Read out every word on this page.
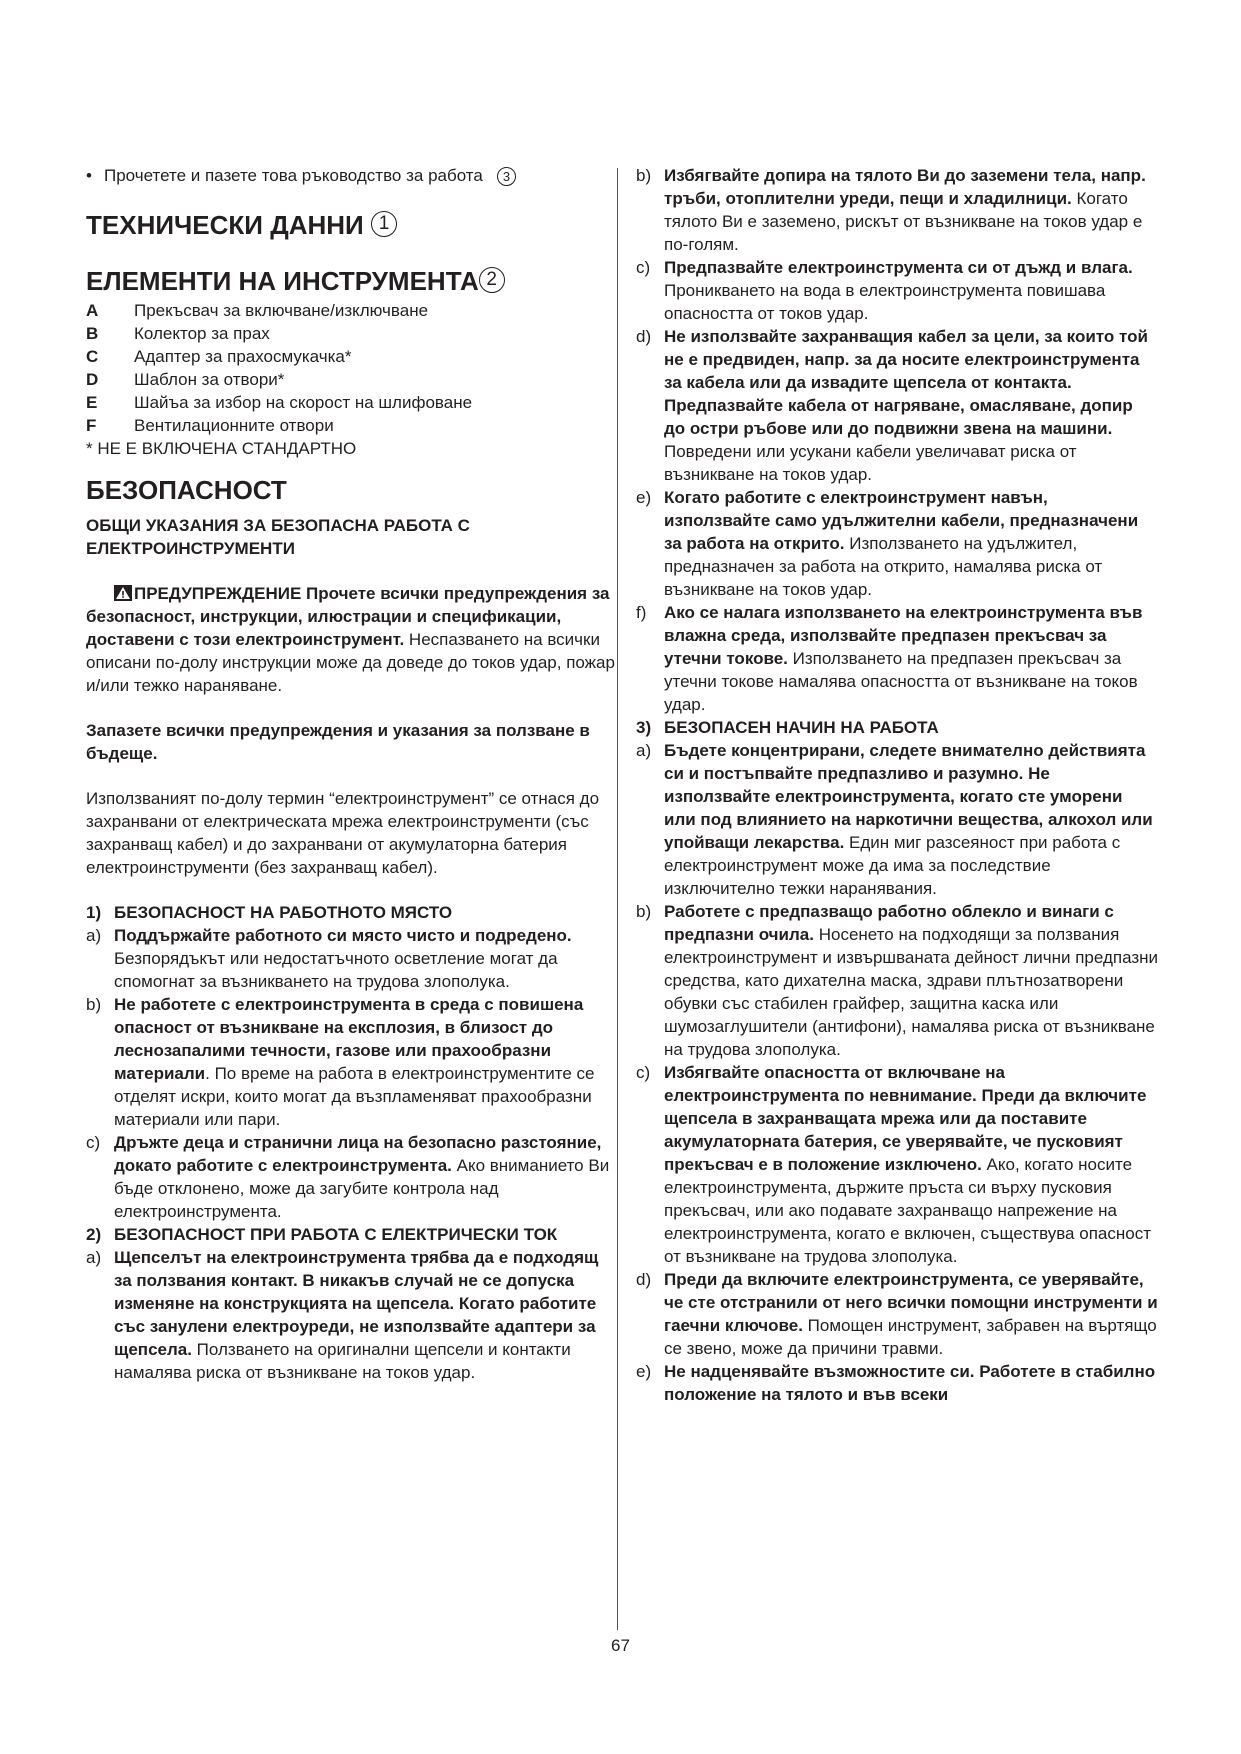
• Прочетете и пазете това ръководство за работа 3
ТЕХНИЧЕСКИ ДАННИ 1
ЕЛЕМЕНТИ НА ИНСТРУМЕНТА 2
A	Прекъсвач за включване/изключване
B	Колектор за прах
C	Адаптер за прахосмукачка*
D	Шаблон за отвори*
E	Шайъа за избор на скорост на шлифоване
F	Вентилационните отвори

* НЕ Е ВКЛЮЧЕНА СТАНДАРТНО

БЕЗОПАСНОСТ

ОБЩИ УКАЗАНИЯ ЗА БЕЗОПАСНА РАБОТА С ЕЛЕКТРОИНСТРУМЕНТИ

ПРЕДУПРЕЖДЕНИЕ Прочете всички предупреждения за безопасност, инструкции, илюстрации и спецификации, доставени с този електроинструмент. Неспазването на всички описани по-долу инструкции може да доведе до токов удар, пожар и/или тежко нараняване.

Запазете всички предупреждения и указания за ползване в бъдеще.

Използваният по-долу термин “електроинструмент” се отнася до захранвани от електрическата мрежа електроинструменти (със захранващ кабел) и до захранвани от акумулаторна батерия електроинструменти (без захранващ кабел).

1) БЕЗОПАСНОСТ НА РАБОТНОТО МЯСТО
a) Поддържайте работното си място чисто и подредено. Безпорядъкът или недостатъчното осветление могат да спомогнат за възникването на трудова злополука.
b) Не работете с електроинструмента в среда с повишена опасност от възникване на експлозия, в близост до леснозапалими течности, газове или прахообразни материали. По време на работа в електроинструментите се отделят искри, които могат да възпламеняват прахообразни материали или пари.
c) Дръжте деца и странични лица на безопасно разстояние, докато работите с електроинструмента. Ако вниманието Ви бъде отклонено, може да загубите контрола над електроинструмента.
2) БЕЗОПАСНОСТ ПРИ РАБОТА С ЕЛЕКТРИЧЕСКИ ТОК
a) Щепселът на електроинструмента трябва да е подходящ за ползвания контакт. В никакъв случай не се допуска изменяне на конструкцията на щепсела. Когато работите със занулени електроуреди, не използвайте адаптери за щепсела. Ползването на оригинални щепсели и контакти намалява риска от възникване на токов удар.
b) Избягвайте допира на тялото Ви до заземени тела, напр. тръби, отоплителни уреди, пещи и хладилници. Когато тялото Ви е заземено, рискът от възникване на токов удар е по-голям.
c) Предпазвайте електроинструмента си от дъжд и влага. Проникването на вода в електроинструмента повишава опасността от токов удар.
d) Не използвайте захранващия кабел за цели, за които той не е предвиден, напр. за да носите електроинструмента за кабела или да извадите щепсела от контакта. Предпазвайте кабела от нагряване, омасляване, допир до остри ръбове или до подвижни звена на машини. Повредени или усукани кабели увеличават риска от възникване на токов удар.
e) Когато работите с електроинструмент навън, използвайте само удължителни кабели, предназначени за работа на открито. Използването на удължител, предназначен за работа на открито, намалява риска от възникване на токов удар.
f)	Ако се налага използването на електроинструмента във влажна среда, използвайте предпазен прекъсвач за утечни токове. Използването на предпазен прекъсвач за утечни токове намалява опасността от възникване на токов удар.
3) БЕЗОПАСЕН НАЧИН НА РАБОТА
a) Бъдете концентрирани, следете внимателно действията си и постъпвайте предпазливо и разумно. Не използвайте електроинструмента, когато сте уморени или под влиянието на наркотични вещества, алкохол или упойващи лекарства. Един миг разсеяност при работа с електроинструмент може да има за последствие изключително тежки наранявания.
b) Работете с предпазващо работно облекло и винаги с предпазни очила. Носенето на подходящи за ползвания електроинструмент и извършваната дейност лични предпазни средства, като дихателна маска, здрави плътнозатворени обувки със стабилен грайфер, защитна каска или шумозаглушители (антифони), намалява риска от възникване на трудова злополука.
c) Избягвайте опасността от включване на електроинструмента по невнимание. Преди да включите щепсела в захранващата мрежа или да поставите акумулаторната батерия, се уверявайте, че пусковият прекъсвач е в положение изключено. Ако, когато носите електроинструмента, държите пръста си върху пусковия прекъсвач, или ако подавате захранващо напрежение на електроинструмента, когато е включен, съществува опасност от възникване на трудова злополука.
d) Преди да включите електроинструмента, се уверявайте, че сте отстранили от него всички помощни инструменти и гаечни ключове. Помощен инструмент, забравен на въртящо се звено, може да причини травми.
e) Не надценявайте възможностите си. Работете в стабилно положение на тялото и във всеки
67
